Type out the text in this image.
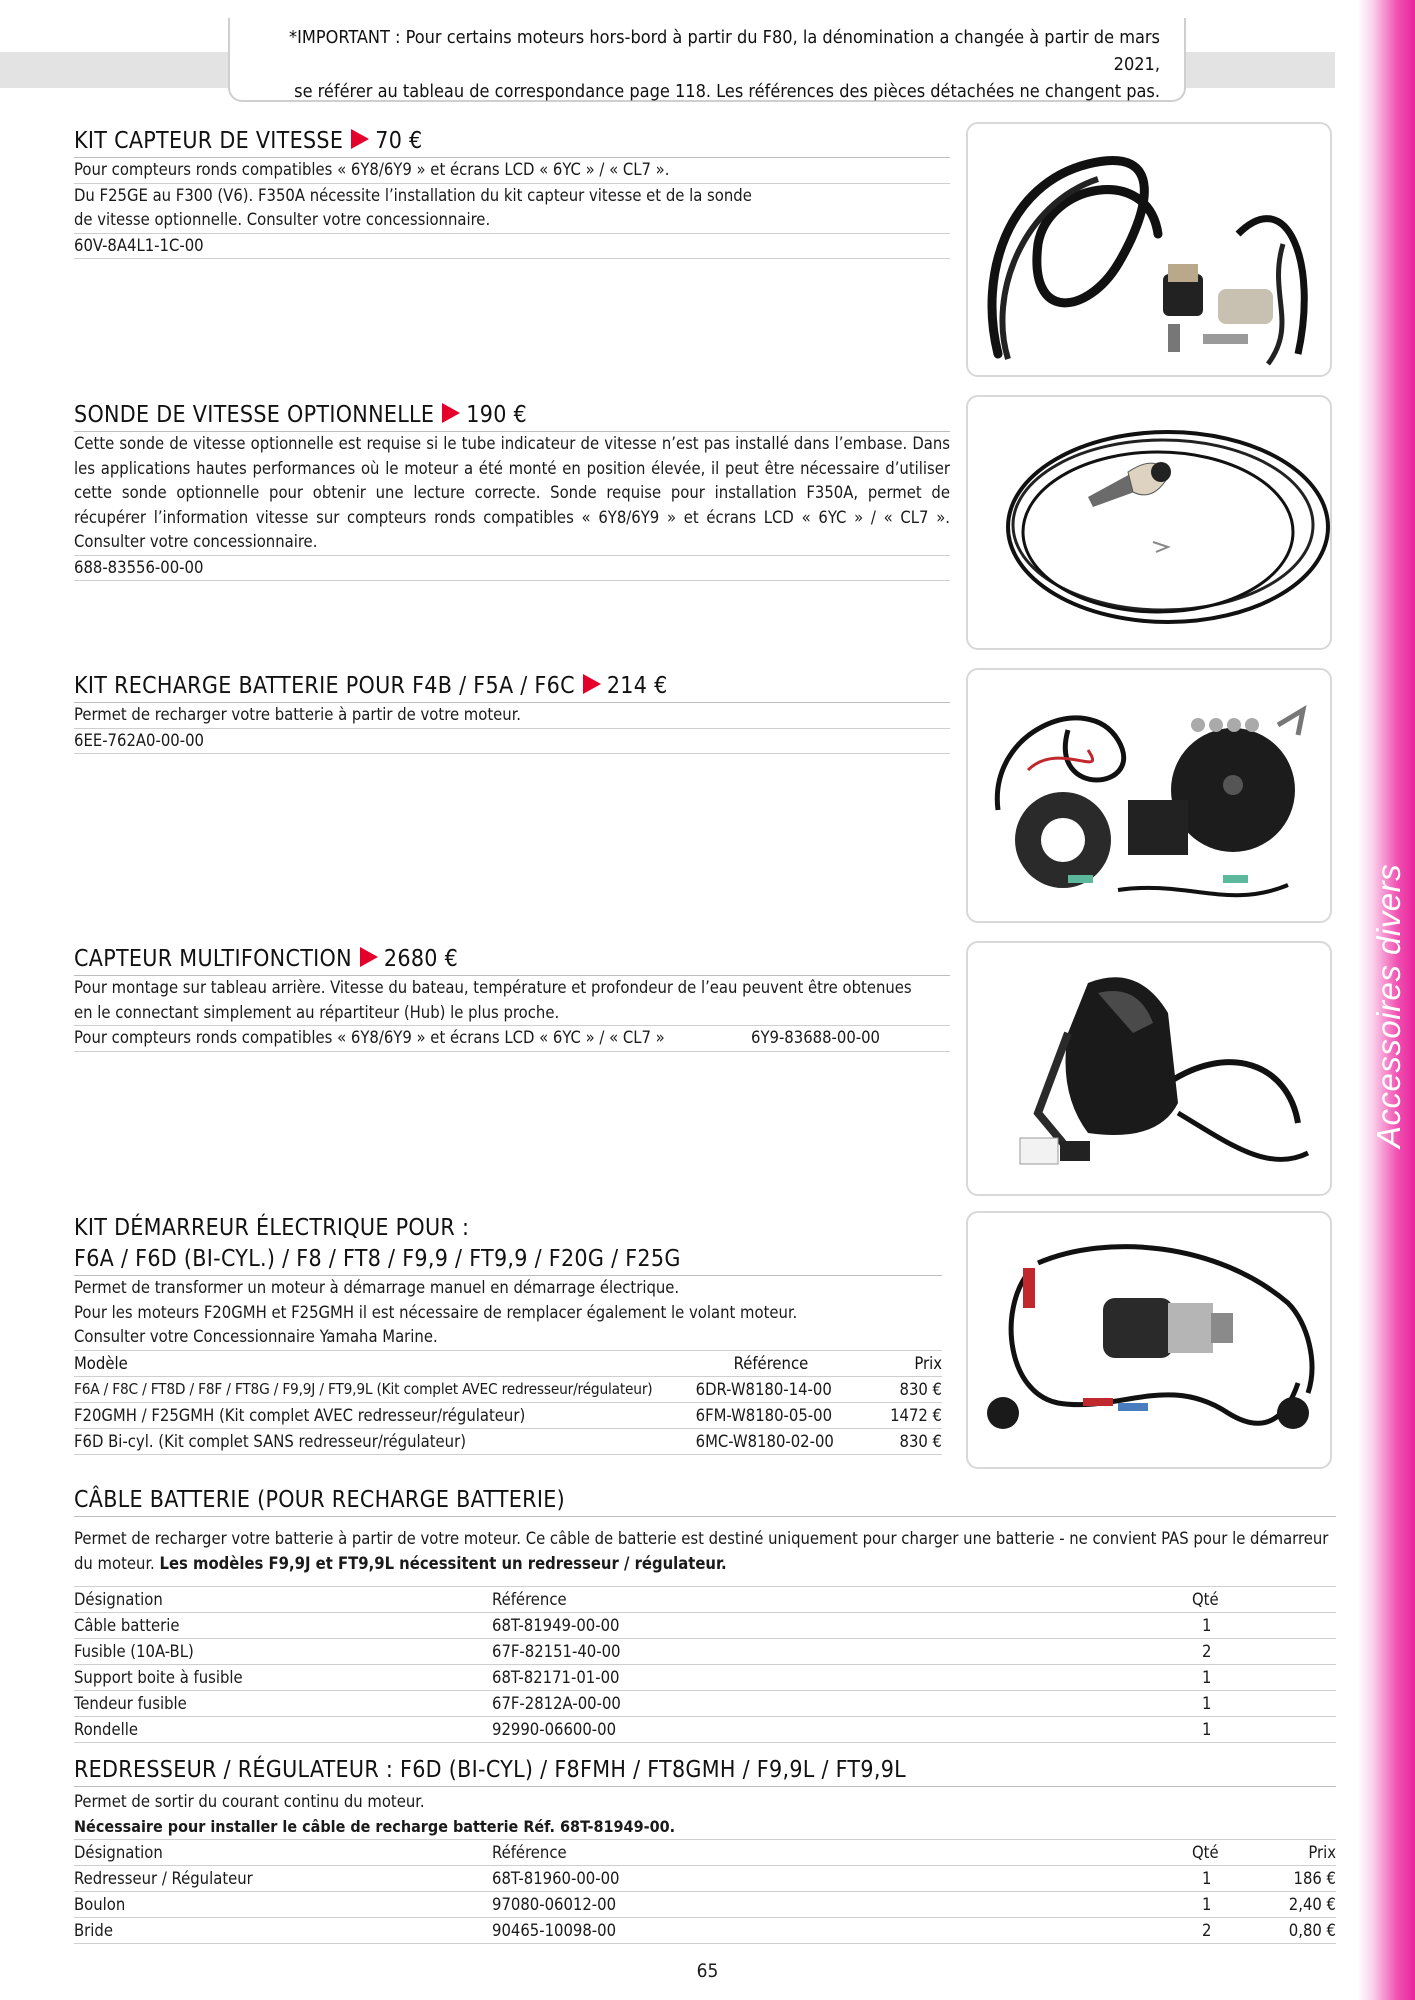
*IMPORTANT : Pour certains moteurs hors-bord à partir du F80, la dénomination a changée à partir de mars 2021,
se référer au tableau de correspondance page 118. Les références des pièces détachées ne changent pas.
Accessoires divers
KIT CAPTEUR DE VITESSE 70 €
Pour compteurs ronds compatibles « 6Y8/6Y9 » et écrans LCD « 6YC » / « CL7 ».
Du F25GE au F300 (V6). F350A nécessite l’installation du kit capteur vitesse et de la sonde
de vitesse optionnelle. Consulter votre concessionnaire.
60V-8A4L1-1C-00
SONDE DE VITESSE OPTIONNELLE 190 €
Cette sonde de vitesse optionnelle est requise si le tube indicateur de vitesse n’est pas installé dans l’embase. Dans les applications hautes performances où le moteur a été monté en position élevée, il peut être nécessaire d’utiliser cette sonde optionnelle pour obtenir une lecture correcte. Sonde requise pour installation F350A, permet de récupérer l’information vitesse sur compteurs ronds compatibles « 6Y8/6Y9 » et écrans LCD « 6YC » / « CL7 ». Consulter votre concessionnaire.
688-83556-00-00
KIT RECHARGE BATTERIE POUR F4B / F5A / F6C 214 €
Permet de recharger votre batterie à partir de votre moteur.
6EE-762A0-00-00
CAPTEUR MULTIFONCTION 2680 €
Pour montage sur tableau arrière. Vitesse du bateau, température et profondeur de l’eau peuvent être obtenues
en le connectant simplement au répartiteur (Hub) le plus proche.
Pour compteurs ronds compatibles « 6Y8/6Y9 » et écrans LCD « 6YC » / « CL7 »	6Y9-83688-00-00
KIT DÉMARREUR ÉLECTRIQUE POUR :
F6A / F6D (BI-CYL.) / F8 / FT8 / F9,9 / FT9,9 / F20G / F25G
Permet de transformer un moteur à démarrage manuel en démarrage électrique.
Pour les moteurs F20GMH et F25GMH il est nécessaire de remplacer également le volant moteur.
Consulter votre Concessionnaire Yamaha Marine.
Modèle	Référence	Prix
F6A / F8C / FT8D / F8F / FT8G / F9,9J / FT9,9L (Kit complet AVEC redresseur/régulateur)	6DR-W8180-14-00	830 €
F20GMH / F25GMH (Kit complet AVEC redresseur/régulateur)	6FM-W8180-05-00	1472 €
F6D Bi-cyl. (Kit complet SANS redresseur/régulateur)	6MC-W8180-02-00	830 €
CÂBLE BATTERIE (POUR RECHARGE BATTERIE)
Permet de recharger votre batterie à partir de votre moteur. Ce câble de batterie est destiné uniquement pour charger une batterie - ne convient PAS pour le démarreur du moteur. Les modèles F9,9J et FT9,9L nécessitent un redresseur / régulateur.
Désignation	Référence	Qté
Câble batterie	68T-81949-00-00	1
Fusible (10A-BL)	67F-82151-40-00	2
Support boite à fusible	68T-82171-01-00	1
Tendeur fusible	67F-2812A-00-00	1
Rondelle	92990-06600-00	1
REDRESSEUR / RÉGULATEUR : F6D (BI-CYL) / F8FMH / FT8GMH / F9,9L / FT9,9L
Permet de sortir du courant continu du moteur.
Nécessaire pour installer le câble de recharge batterie Réf. 68T-81949-00.
Désignation	Référence	Qté	Prix
Redresseur / Régulateur	68T-81960-00-00	1	186 €
Boulon	97080-06012-00	1	2,40 €
Bride	90465-10098-00	2	0,80 €
65
